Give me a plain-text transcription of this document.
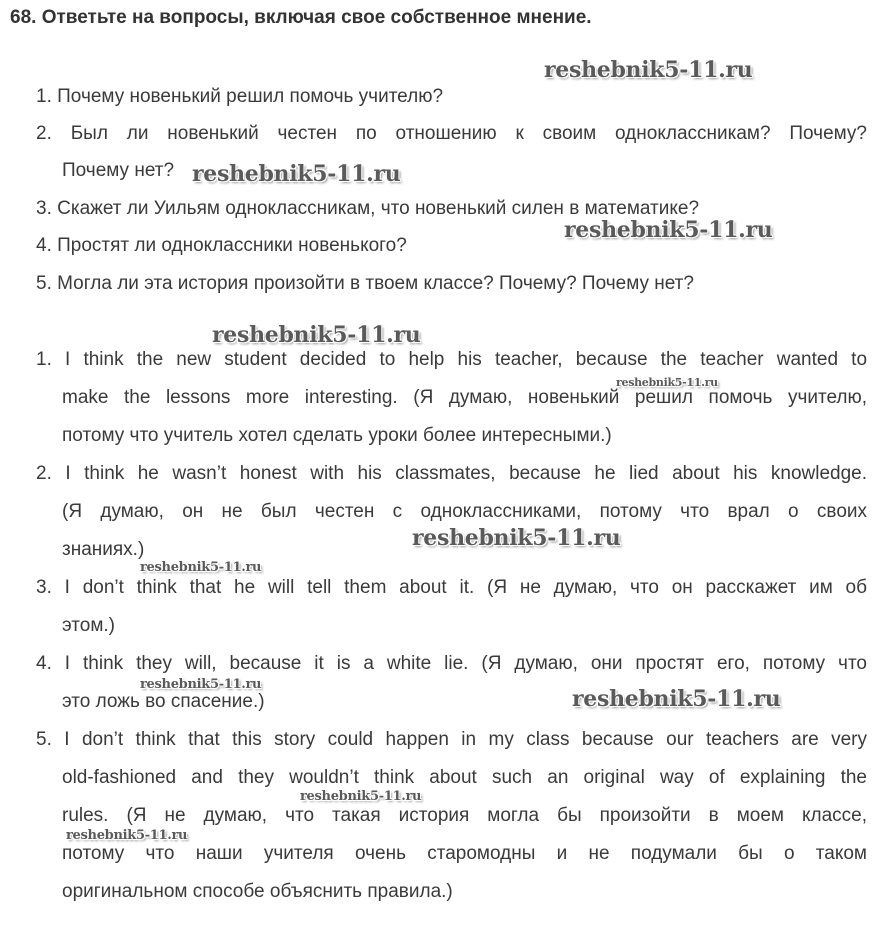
68. Ответьте на вопросы, включая свое собственное мнение.
1. Почему новенький решил помочь учителю?
2. Был ли новенький честен по отношению к своим одноклассникам? Почему?
Почему нет?
3. Скажет ли Уильям одноклассникам, что новенький силен в математике?
4. Простят ли одноклассники новенького?
5. Могла ли эта история произойти в твоем классе? Почему? Почему нет?
1. I think the new student decided to help his teacher, because the teacher wanted to
make the lessons more interesting. (Я думаю, новенький решил помочь учителю,
потому что учитель хотел сделать уроки более интересными.)
2. I think he wasn’t honest with his classmates, because he lied about his knowledge.
(Я думаю, он не был честен с одноклассниками, потому что врал о своих
знаниях.)
3. I don’t think that he will tell them about it. (Я не думаю, что он расскажет им об
этом.)
4. I think they will, because it is a white lie. (Я думаю, они простят его, потому что
это ложь во спасение.)
5. I don’t think that this story could happen in my class because our teachers are very
old-fashioned and they wouldn’t think about such an original way of explaining the
rules. (Я не думаю, что такая история могла бы произойти в моем классе,
потому что наши учителя очень старомодны и не подумали бы о таком
оригинальном способе объяснить правила.)
reshebnik5-11.ru
reshebnik5-11.ru
reshebnik5-11.ru
reshebnik5-11.ru
reshebnik5-11.ru
reshebnik5-11.ru
reshebnik5-11.ru
reshebnik5-11.ru
reshebnik5-11.ru
reshebnik5-11.ru
reshebnik5-11.ru
